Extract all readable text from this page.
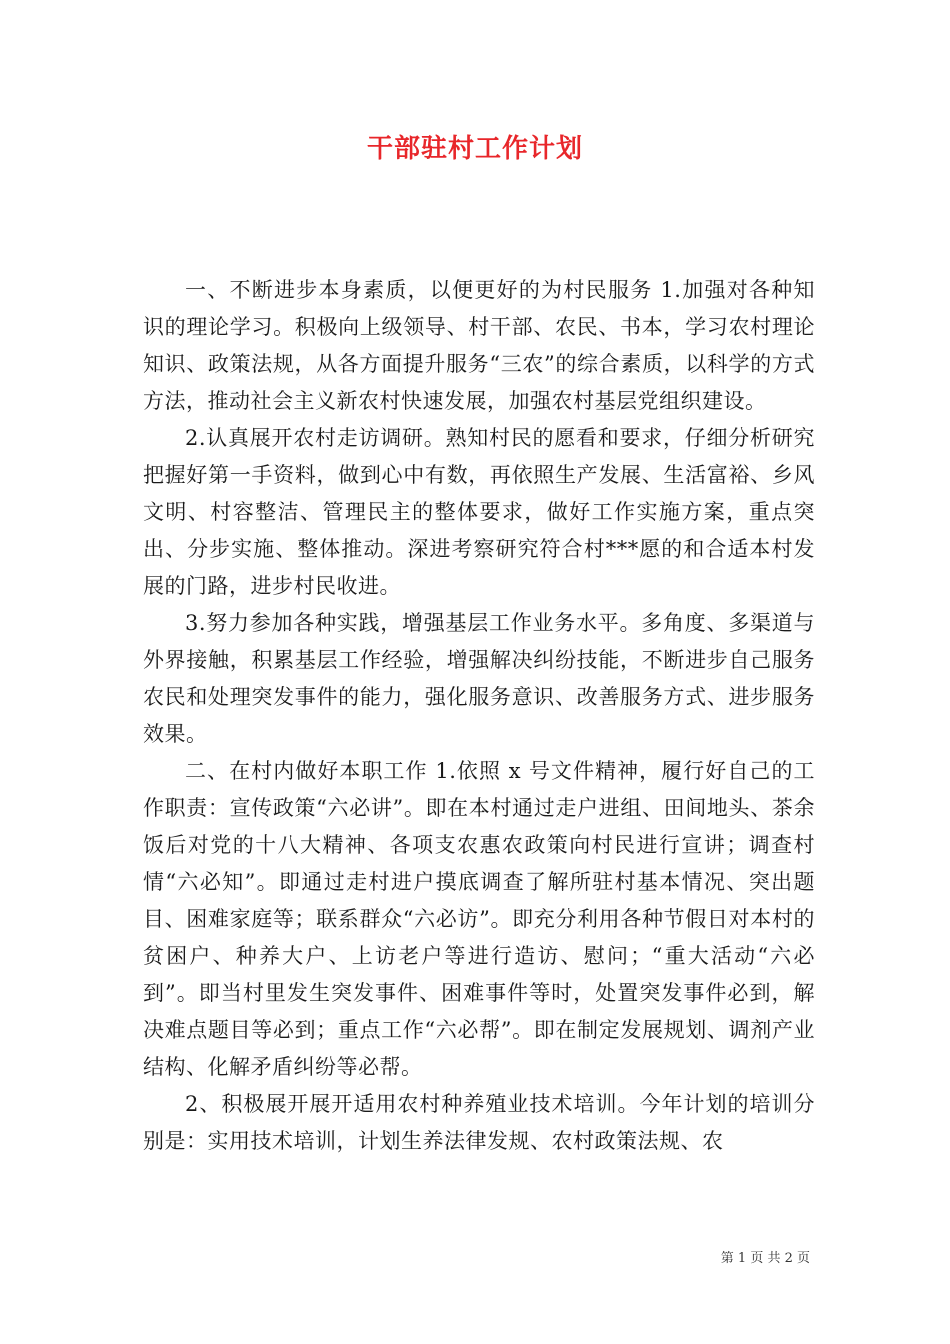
干部驻村工作计划

一、不断进步本身素质，以便更好的为村民服务 1.加强对各种知识的理论学习。积极向上级领导、村干部、农民、书本，学习农村理论知识、政策法规，从各方面提升服务“三农”的综合素质，以科学的方式方法，推动社会主义新农村快速发展，加强农村基层党组织建设。

2.认真展开农村走访调研。熟知村民的愿看和要求，仔细分析研究把握好第一手资料，做到心中有数，再依照生产发展、生活富裕、乡风文明、村容整洁、管理民主的整体要求，做好工作实施方案，重点突出、分步实施、整体推动。深进考察研究符合村***愿的和合适本村发展的门路，进步村民收进。

3.努力参加各种实践，增强基层工作业务水平。多角度、多渠道与外界接触，积累基层工作经验，增强解决纠纷技能，不断进步自己服务农民和处理突发事件的能力，强化服务意识、改善服务方式、进步服务效果。

二、在村内做好本职工作 1.依照 x 号文件精神，履行好自己的工作职责：宣传政策“六必讲”。即在本村通过走户进组、田间地头、茶余饭后对党的十八大精神、各项支农惠农政策向村民进行宣讲；调查村情“六必知”。即通过走村进户摸底调查了解所驻村基本情况、突出题目、困难家庭等；联系群众“六必访”。即充分利用各种节假日对本村的贫困户、种养大户、上访老户等进行造访、慰问；“重大活动“六必到”。即当村里发生突发事件、困难事件等时，处置突发事件必到，解决难点题目等必到；重点工作“六必帮”。即在制定发展规划、调剂产业结构、化解矛盾纠纷等必帮。

2、积极展开展开适用农村种养殖业技术培训。今年计划的培训分别是：实用技术培训，计划生养法律发规、农村政策法规、农

第 1 页 共 2 页
